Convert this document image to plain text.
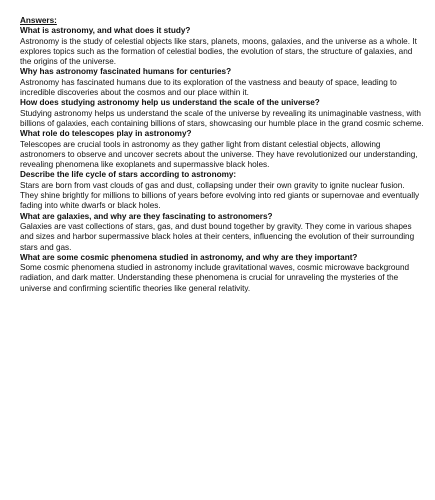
Answers:

What is astronomy, and what does it study?

Astronomy is the study of celestial objects like stars, planets, moons, galaxies, and the universe as a whole. It explores topics such as the formation of celestial bodies, the evolution of stars, the structure of galaxies, and the origins of the universe.

Why has astronomy fascinated humans for centuries?

Astronomy has fascinated humans due to its exploration of the vastness and beauty of space, leading to incredible discoveries about the cosmos and our place within it.

How does studying astronomy help us understand the scale of the universe?

Studying astronomy helps us understand the scale of the universe by revealing its unimaginable vastness, with billions of galaxies, each containing billions of stars, showcasing our humble place in the grand cosmic scheme.

What role do telescopes play in astronomy?

Telescopes are crucial tools in astronomy as they gather light from distant celestial objects, allowing astronomers to observe and uncover secrets about the universe. They have revolutionized our understanding, revealing phenomena like exoplanets and supermassive black holes.

Describe the life cycle of stars according to astronomy:

Stars are born from vast clouds of gas and dust, collapsing under their own gravity to ignite nuclear fusion. They shine brightly for millions to billions of years before evolving into red giants or supernovae and eventually fading into white dwarfs or black holes.

What are galaxies, and why are they fascinating to astronomers?

Galaxies are vast collections of stars, gas, and dust bound together by gravity. They come in various shapes and sizes and harbor supermassive black holes at their centers, influencing the evolution of their surrounding stars and gas.

What are some cosmic phenomena studied in astronomy, and why are they important?

Some cosmic phenomena studied in astronomy include gravitational waves, cosmic microwave background radiation, and dark matter. Understanding these phenomena is crucial for unraveling the mysteries of the universe and confirming scientific theories like general relativity.
